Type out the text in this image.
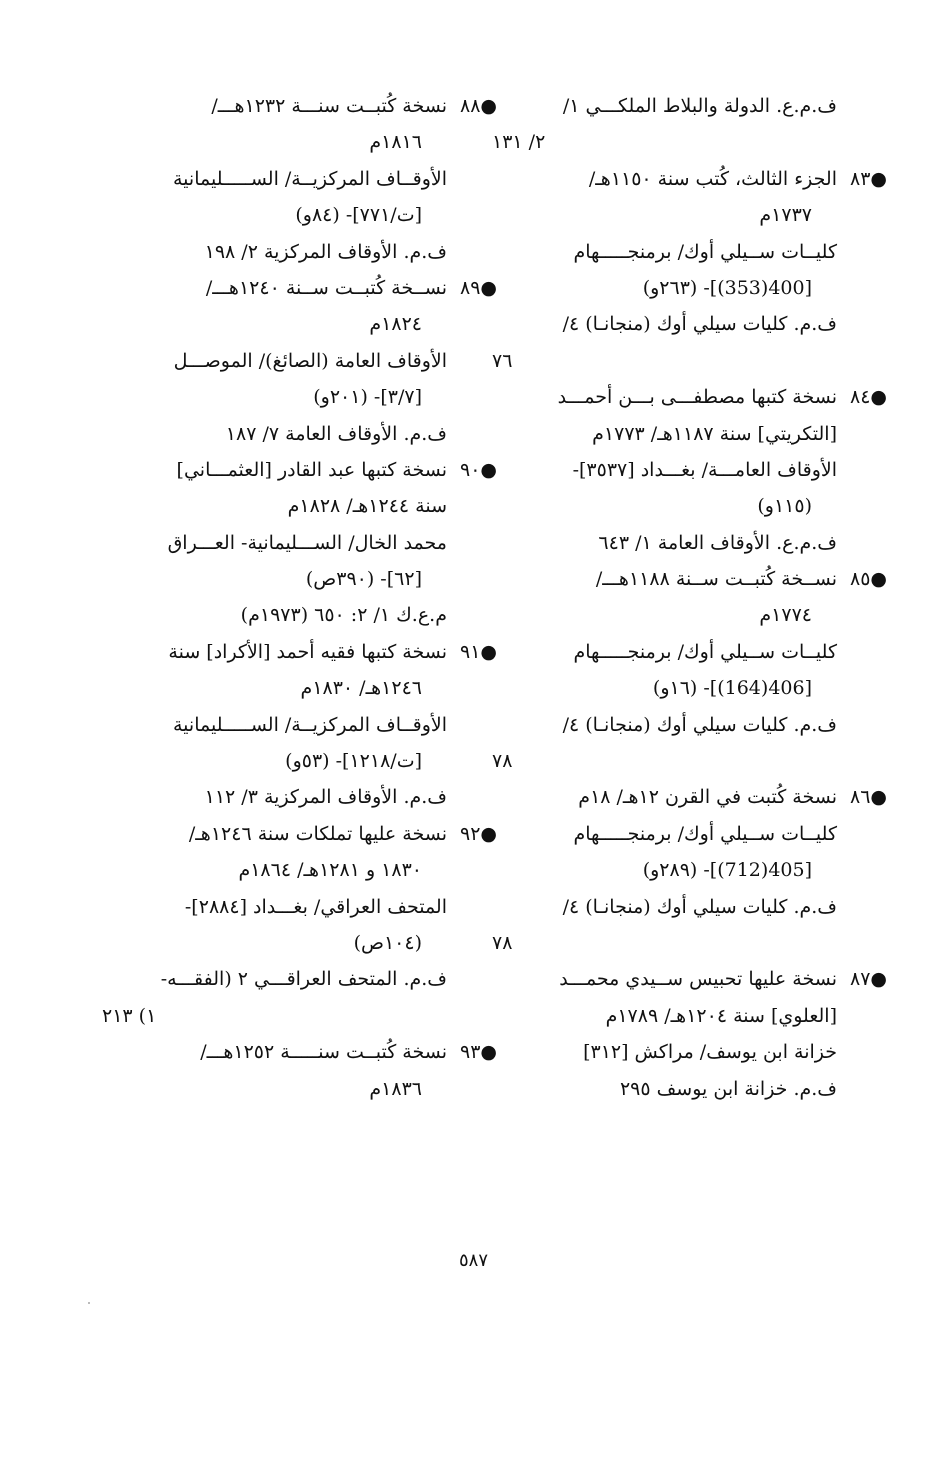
ف.م.ع. الدولة والبلاط الملكـــي ١/
٢/ ١٣١
●٨٣
الجزء الثالث، كُتب سنة ١١٥٠هـ/
١٧٣٧م
كليــات ســيلي أوك/ برمنجـــــهام
[400(353)]- (٢٦٣و)
ف.م. كليات سيلي أوك (منجانـا) ٤/
٧٦
●٨٤
نسخة كتبها مصطفـــى بـــن أحمـــد
[التكريتي] سنة ١١٨٧هـ/ ١٧٧٣م
الأوقاف العامـــة/ بغـــداد [٣٥٣٧]-
(١١٥و)
ف.م.ع. الأوقاف العامة ١/ ٦٤٣
●٨٥
نســخة كُتبــت ســنة ١١٨٨هـــ/
١٧٧٤م
كليــات ســيلي أوك/ برمنجـــــهام
[406(164)]- (١٦و)
ف.م. كليات سيلي أوك (منجانـا) ٤/
٧٨
●٨٦
نسخة كُتبت في القرن ١٢هـ/ ١٨م
كليــات ســيلي أوك/ برمنجـــــهام
[405(712)]- (٢٨٩و)
ف.م. كليات سيلي أوك (منجانـا) ٤/
٧٨
●٨٧
نسخة عليها تحبيس ســيدي محمـــد
[العلوي] سنة ١٢٠٤هـ/ ١٧٨٩م
خزانة ابن يوسف/ مراكش [٣١٢]
ف.م. خزانة ابن يوسف ٢٩٥
●٨٨
نسخة كُتبــت سنـــة ١٢٣٢هـــ/
١٨١٦م
الأوقــاف المركزيــة/ الســـــليمانية
[ت/٧٧١]- (٨٤و)
ف.م. الأوقاف المركزية ٢/ ١٩٨
●٨٩
نســخة كُتبــت ســنة ١٢٤٠هـــ/
١٨٢٤م
الأوقاف العامة (الصائغ)/ الموصـــل
[٣/٧]- (٢٠١و)
ف.م. الأوقاف العامة ٧/ ١٨٧
●٩٠
نسخة كتبها عبد القادر [العثمـــاني]
سنة ١٢٤٤هـ/ ١٨٢٨م
محمد الخال/ الســـليمانية- العـــراق
[٦٢]- (٣٩٠ص)
م.ع.ك ١/ ٢: ٦٥٠ (١٩٧٣م)
●٩١
نسخة كتبها فقيه أحمد [الأكراد] سنة
١٢٤٦هـ/ ١٨٣٠م
الأوقــاف المركزيــة/ الســـــليمانية
[ت/١٢١٨]- (٥٣و)
ف.م. الأوقاف المركزية ٣/ ١١٢
●٩٢
نسخة عليها تملكات سنة ١٢٤٦هـ/
١٨٣٠ و ١٢٨١هـ/ ١٨٦٤م
المتحف العراقي/ بغـــداد [٢٨٨٤]-
(١٠٤ص)
ف.م. المتحف العراقـــي ٢ (الفقـــه-
١) ٢١٣
●٩٣
نسخة كُتبــت سنـــــة ١٢٥٢هـــ/
١٨٣٦م
٥٨٧
